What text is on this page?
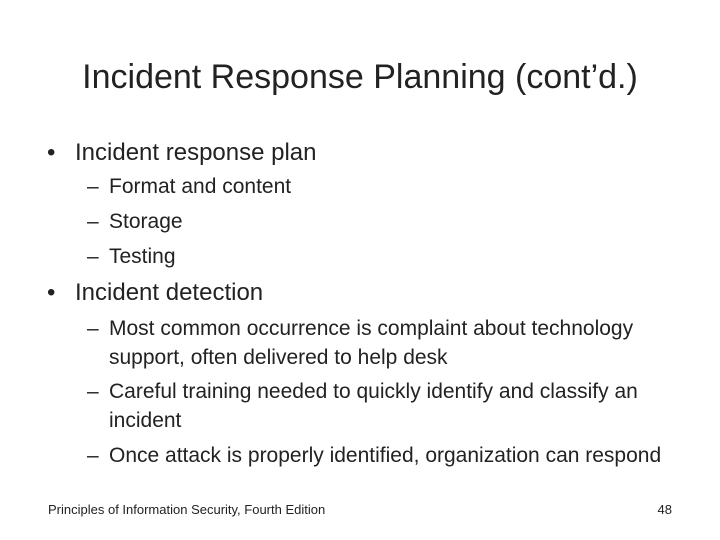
Incident Response Planning (cont’d.)
• Incident response plan
– Format and content
– Storage
– Testing
• Incident detection
– Most common occurrence is complaint about technology support, often delivered to help desk
– Careful training needed to quickly identify and classify an incident
– Once attack is properly identified, organization can respond
Principles of Information Security, Fourth Edition	48
